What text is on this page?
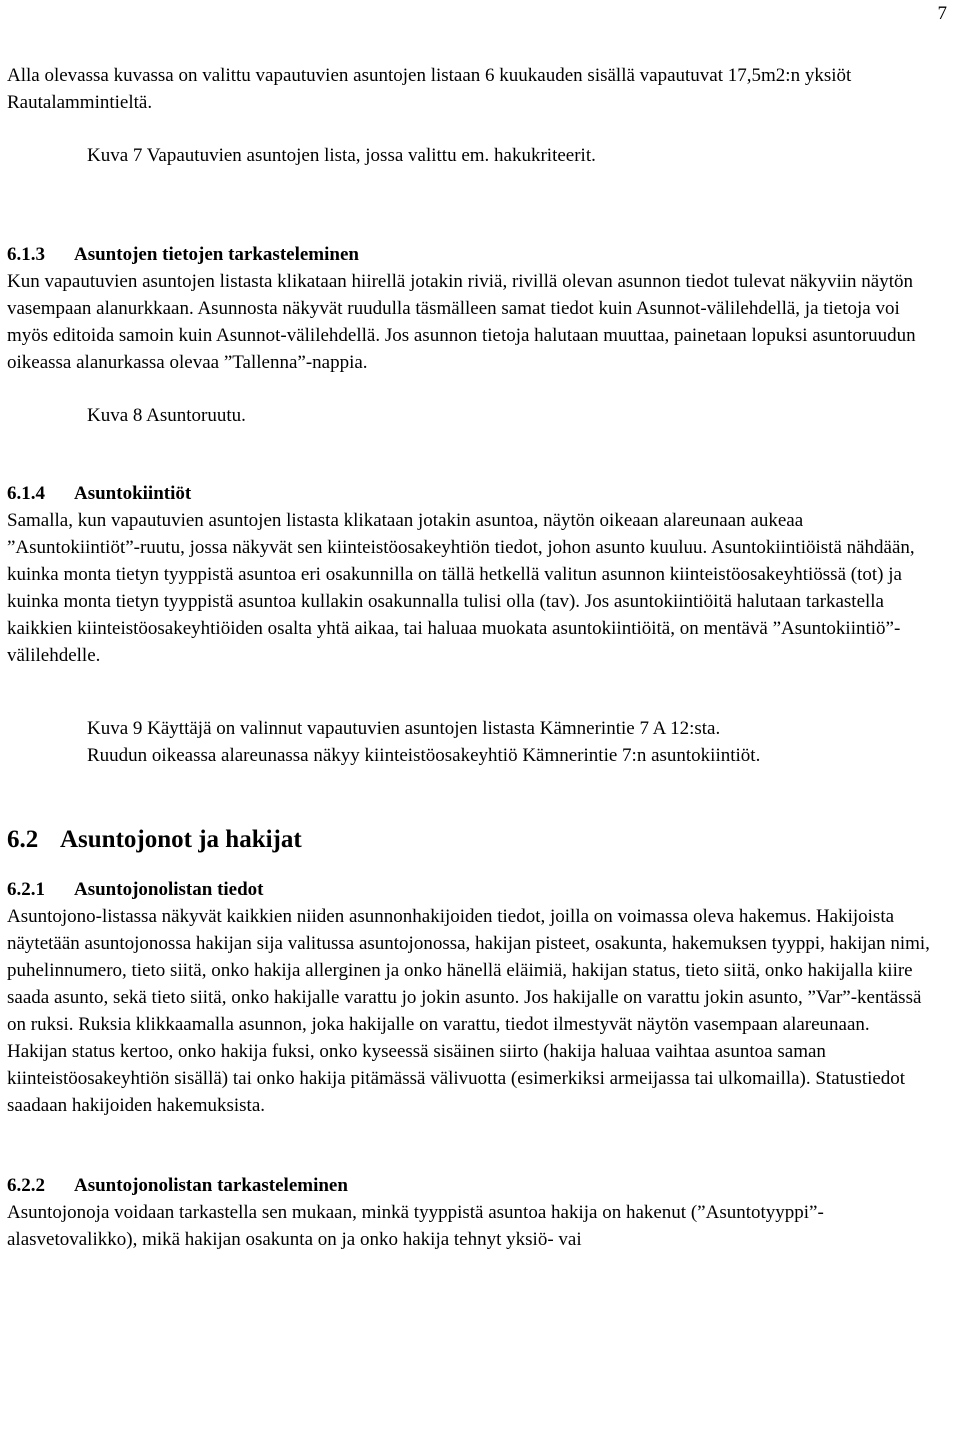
7

Alla olevassa kuvassa on valittu vapautuvien asuntojen listaan 6 kuukauden sisällä vapautuvat 17,5m2:n yksiöt Rautalammintieltä.

Kuva 7 Vapautuvien asuntojen lista, jossa valittu em. hakukriteerit.

6.1.3 Asuntojen tietojen tarkasteleminen

Kun vapautuvien asuntojen listasta klikataan hiirellä jotakin riviä, rivillä olevan asunnon tiedot tulevat näkyviin näytön vasempaan alanurkkaan. Asunnosta näkyvät ruudulla täsmälleen samat tiedot kuin Asunnot-välilehdellä, ja tietoja voi myös editoida samoin kuin Asunnot-välilehdellä. Jos asunnon tietoja halutaan muuttaa, painetaan lopuksi asuntoruudun oikeassa alanurkassa olevaa ”Tallenna”-nappia.

Kuva 8 Asuntoruutu.

6.1.4 Asuntokiintiöt

Samalla, kun vapautuvien asuntojen listasta klikataan jotakin asuntoa, näytön oikeaan alareunaan aukeaa ”Asuntokiintiöt”-ruutu, jossa näkyvät sen kiinteistöosakeyhtiön tiedot, johon asunto kuuluu. Asuntokiintiöistä nähdään, kuinka monta tietyn tyyppistä asuntoa eri osakunnilla on tällä hetkellä valitun asunnon kiinteistöosakeyhtiössä (tot) ja kuinka monta tietyn tyyppistä asuntoa kullakin osakunnalla tulisi olla (tav). Jos asuntokiintiöitä halutaan tarkastella kaikkien kiinteistöosakeyhtiöiden osalta yhtä aikaa, tai haluaa muokata asuntokiintiöitä, on mentävä ”Asuntokiintiö”-välilehdelle.

Kuva 9 Käyttäjä on valinnut vapautuvien asuntojen listasta Kämnerintie 7 A 12:sta.

Ruudun oikeassa alareunassa näkyy kiinteistöosakeyhtiö Kämnerintie 7:n asuntokiintiöt.

6.2 Asuntojonot ja hakijat
6.2.1 Asuntojonolistan tiedot

Asuntojono-listassa näkyvät kaikkien niiden asunnonhakijoiden tiedot, joilla on voimassa oleva hakemus. Hakijoista näytetään asuntojonossa hakijan sija valitussa asuntojonossa, hakijan pisteet, osakunta, hakemuksen tyyppi, hakijan nimi, puhelinnumero, tieto siitä, onko hakija allerginen ja onko hänellä eläimiä, hakijan status, tieto siitä, onko hakijalla kiire saada asunto, sekä tieto siitä, onko hakijalle varattu jo jokin asunto. Jos hakijalle on varattu jokin asunto, ”Var”-kentässä on ruksi. Ruksia klikkaamalla asunnon, joka hakijalle on varattu, tiedot ilmestyvät näytön vasempaan alareunaan.

Hakijan status kertoo, onko hakija fuksi, onko kyseessä sisäinen siirto (hakija haluaa vaihtaa asuntoa saman kiinteistöosakeyhtiön sisällä) tai onko hakija pitämässä välivuotta (esimerkiksi armeijassa tai ulkomailla). Statustiedot saadaan hakijoiden hakemuksista.

6.2.2 Asuntojonolistan tarkasteleminen

Asuntojonoja voidaan tarkastella sen mukaan, minkä tyyppistä asuntoa hakija on hakenut (”Asuntotyyppi”-alasvetovalikko), mikä hakijan osakunta on ja onko hakija tehnyt yksiö- vai
